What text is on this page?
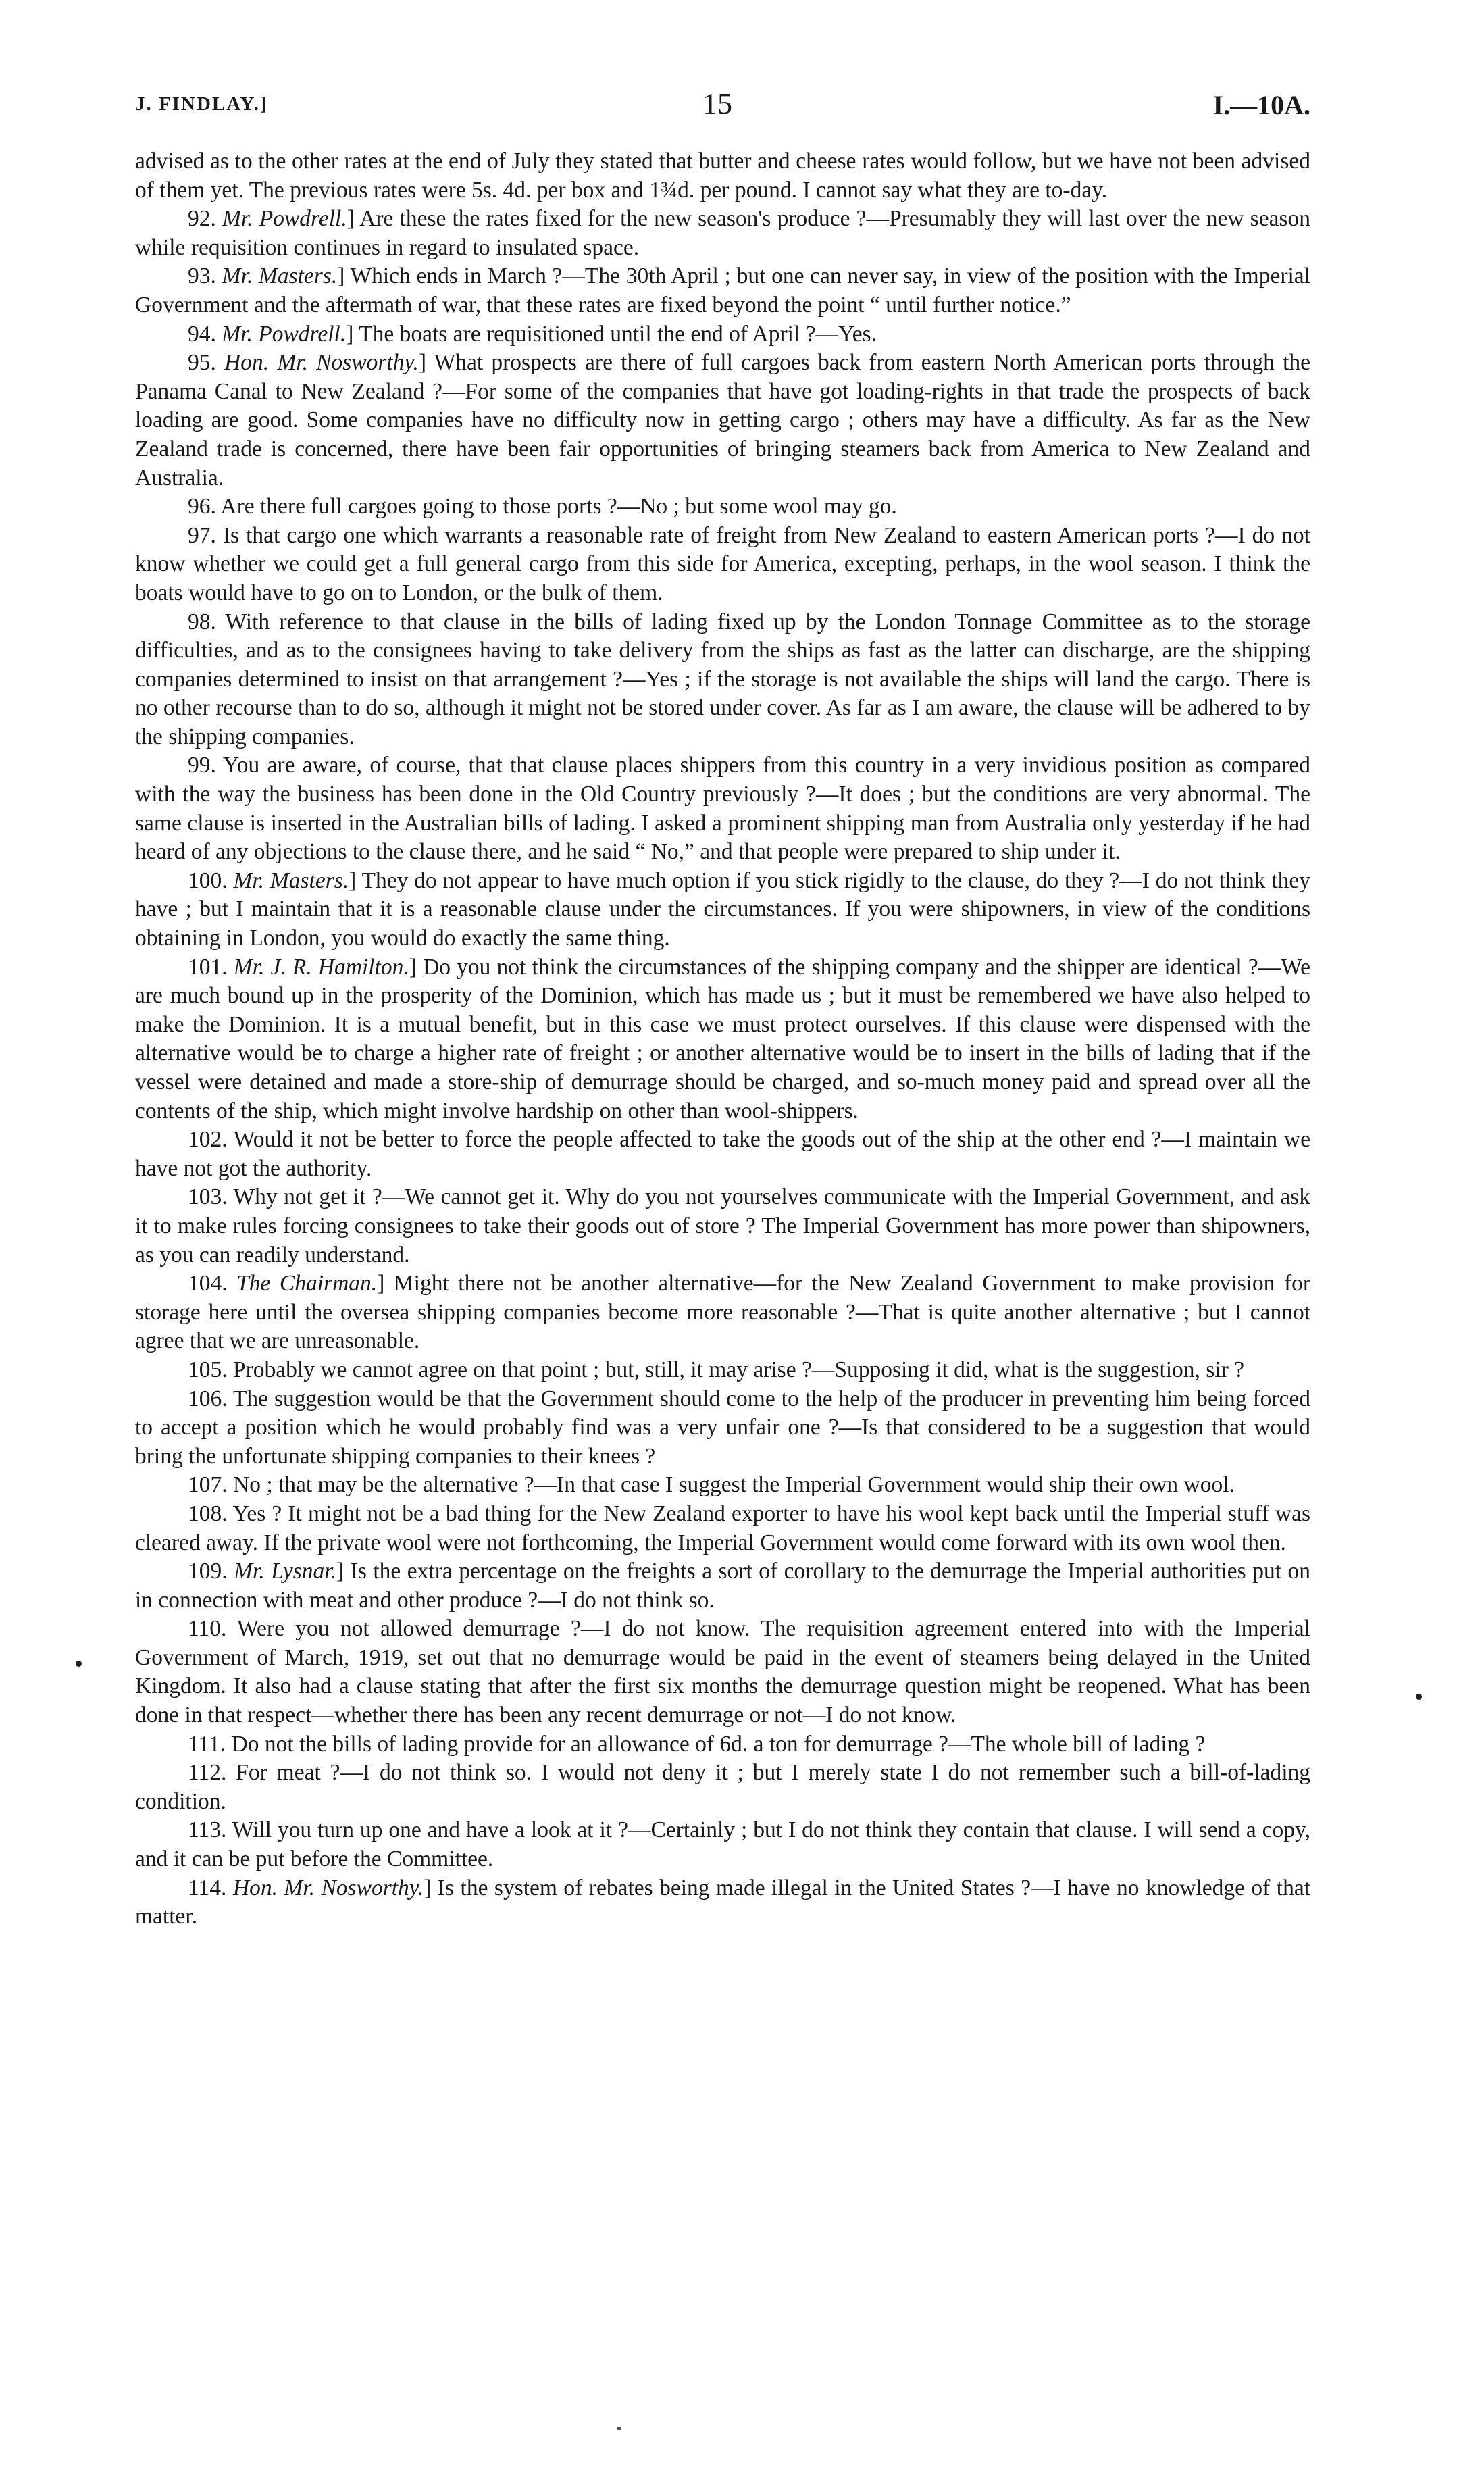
J. FINDLAY.]	15	I.—10A.

advised as to the other rates at the end of July they stated that butter and cheese rates would follow, but we have not been advised of them yet. The previous rates were 5s. 4d. per box and 1¾d. per pound. I cannot say what they are to-day.

92. Mr. Powdrell.] Are these the rates fixed for the new season's produce ?—Presumably they will last over the new season while requisition continues in regard to insulated space.

93. Mr. Masters.] Which ends in March ?—The 30th April ; but one can never say, in view of the position with the Imperial Government and the aftermath of war, that these rates are fixed beyond the point “ until further notice.”

94. Mr. Powdrell.] The boats are requisitioned until the end of April ?—Yes.

95. Hon. Mr. Nosworthy.] What prospects are there of full cargoes back from eastern North American ports through the Panama Canal to New Zealand ?—For some of the companies that have got loading-rights in that trade the prospects of back loading are good. Some companies have no difficulty now in getting cargo ; others may have a difficulty. As far as the New Zealand trade is concerned, there have been fair opportunities of bringing steamers back from America to New Zealand and Australia.

96. Are there full cargoes going to those ports ?—No ; but some wool may go.

97. Is that cargo one which warrants a reasonable rate of freight from New Zealand to eastern American ports ?—I do not know whether we could get a full general cargo from this side for America, excepting, perhaps, in the wool season. I think the boats would have to go on to London, or the bulk of them.

98. With reference to that clause in the bills of lading fixed up by the London Tonnage Committee as to the storage difficulties, and as to the consignees having to take delivery from the ships as fast as the latter can discharge, are the shipping companies determined to insist on that arrangement ?—Yes ; if the storage is not available the ships will land the cargo. There is no other recourse than to do so, although it might not be stored under cover. As far as I am aware, the clause will be adhered to by the shipping companies.

99. You are aware, of course, that that clause places shippers from this country in a very invidious position as compared with the way the business has been done in the Old Country previously ?—It does ; but the conditions are very abnormal. The same clause is inserted in the Australian bills of lading. I asked a prominent shipping man from Australia only yesterday if he had heard of any objections to the clause there, and he said “ No,” and that people were prepared to ship under it.

100. Mr. Masters.] They do not appear to have much option if you stick rigidly to the clause, do they ?—I do not think they have ; but I maintain that it is a reasonable clause under the circumstances. If you were shipowners, in view of the conditions obtaining in London, you would do exactly the same thing.

101. Mr. J. R. Hamilton.] Do you not think the circumstances of the shipping company and the shipper are identical ?—We are much bound up in the prosperity of the Dominion, which has made us ; but it must be remembered we have also helped to make the Dominion. It is a mutual benefit, but in this case we must protect ourselves. If this clause were dispensed with the alternative would be to charge a higher rate of freight ; or another alternative would be to insert in the bills of lading that if the vessel were detained and made a store-ship of demurrage should be charged, and so-much money paid and spread over all the contents of the ship, which might involve hardship on other than wool-shippers.

102. Would it not be better to force the people affected to take the goods out of the ship at the other end ?—I maintain we have not got the authority.

103. Why not get it ?—We cannot get it. Why do you not yourselves communicate with the Imperial Government, and ask it to make rules forcing consignees to take their goods out of store ? The Imperial Government has more power than shipowners, as you can readily understand.

104. The Chairman.] Might there not be another alternative—for the New Zealand Government to make provision for storage here until the oversea shipping companies become more reasonable ?—That is quite another alternative ; but I cannot agree that we are unreasonable.

105. Probably we cannot agree on that point ; but, still, it may arise ?—Supposing it did, what is the suggestion, sir ?

106. The suggestion would be that the Government should come to the help of the producer in preventing him being forced to accept a position which he would probably find was a very unfair one ?—Is that considered to be a suggestion that would bring the unfortunate shipping companies to their knees ?

107. No ; that may be the alternative ?—In that case I suggest the Imperial Government would ship their own wool.

108. Yes ? It might not be a bad thing for the New Zealand exporter to have his wool kept back until the Imperial stuff was cleared away. If the private wool were not forthcoming, the Imperial Government would come forward with its own wool then.

109. Mr. Lysnar.] Is the extra percentage on the freights a sort of corollary to the demurrage the Imperial authorities put on in connection with meat and other produce ?—I do not think so.

110. Were you not allowed demurrage ?—I do not know. The requisition agreement entered into with the Imperial Government of March, 1919, set out that no demurrage would be paid in the event of steamers being delayed in the United Kingdom. It also had a clause stating that after the first six months the demurrage question might be reopened. What has been done in that respect—whether there has been any recent demurrage or not—I do not know.

111. Do not the bills of lading provide for an allowance of 6d. a ton for demurrage ?—The whole bill of lading ?

112. For meat ?—I do not think so. I would not deny it ; but I merely state I do not remember such a bill-of-lading condition.

113. Will you turn up one and have a look at it ?—Certainly ; but I do not think they contain that clause. I will send a copy, and it can be put before the Committee.

114. Hon. Mr. Nosworthy.] Is the system of rebates being made illegal in the United States ?—I have no knowledge of that matter.
